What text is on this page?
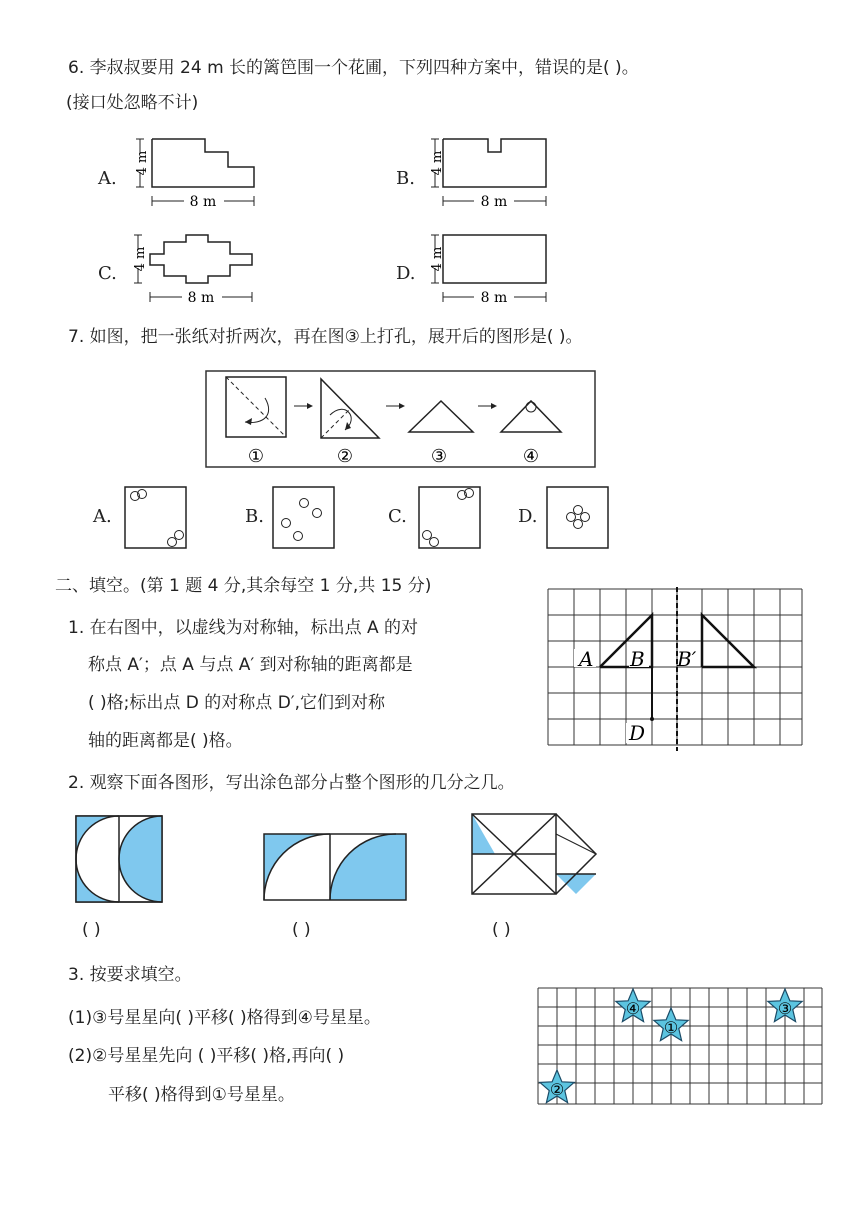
6. 李叔叔要用 24 m 长的篱笆围一个花圃，下列四种方案中，错误的是( )。
(接口处忽略不计)
A.	B.
C.	D.
4 m
8 m
4 m
8 m
4 m
8 m
4 m
8 m
7. 如图，把一张纸对折两次，再在图③上打孔，展开后的图形是( )。
①	②	③	④
A.	B.	C.	D.
二、填空。(第 1 题 4 分,其余每空 1 分,共 15 分)
1. 在右图中，以虚线为对称轴，标出点 A 的对
称点 A′；点 A 与点 A′ 到对称轴的距离都是
( )格;标出点 D 的对称点 D′,它们到对称
轴的距离都是( )格。
A B B′
D
2. 观察下面各图形，写出涂色部分占整个图形的几分之几。
( )	( )	( )
3. 按要求填空。
(1)③号星星向( )平移( )格得到④号星星。
(2)②号星星先向 ( )平移( )格,再向( )
平移( )格得到①号星星。
④
①
③
②
